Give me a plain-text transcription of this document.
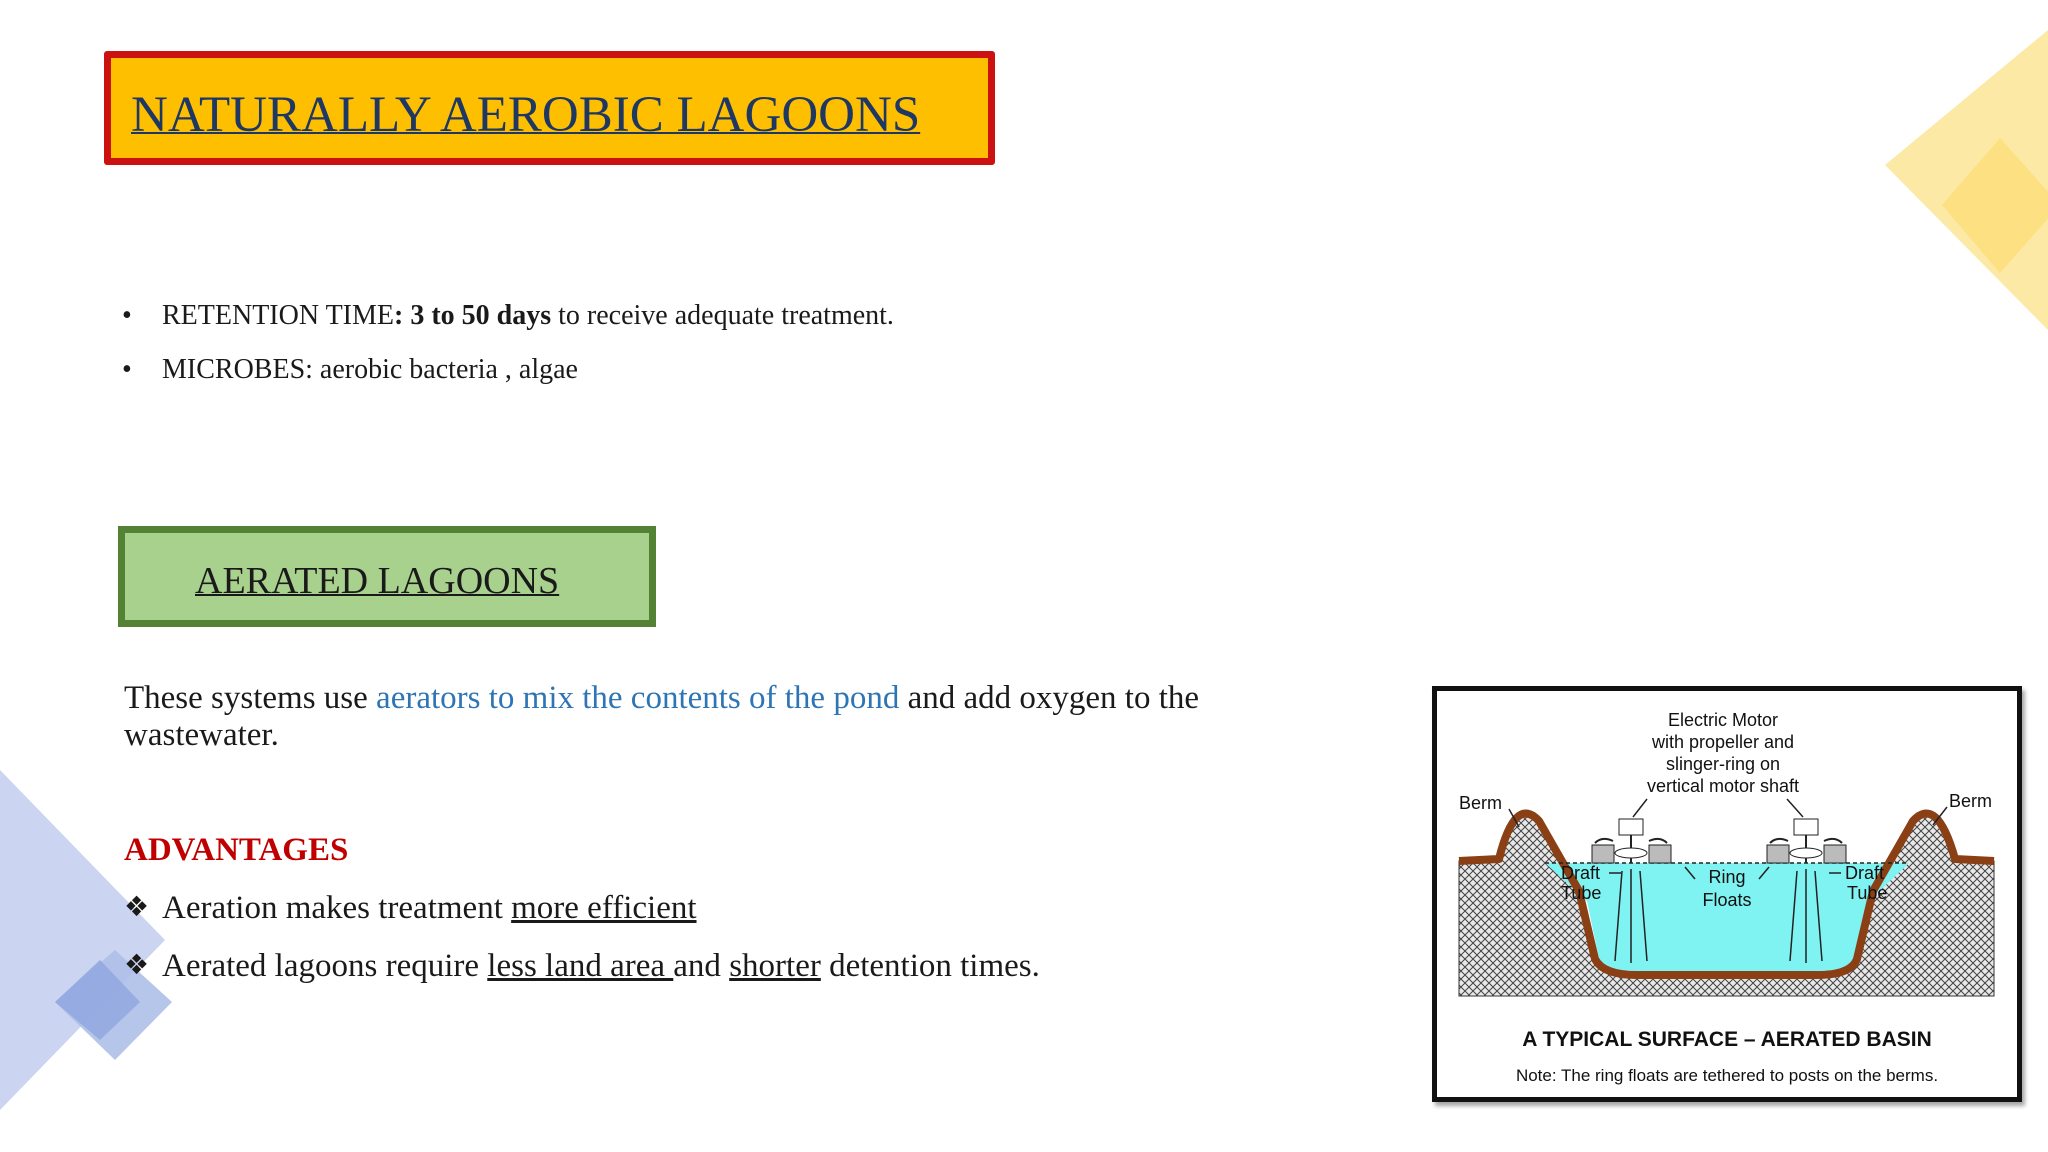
NATURALLY AEROBIC LAGOONS
• RETENTION TIME: 3 to 50 days to receive adequate treatment.
• MICROBES: aerobic bacteria , algae
AERATED LAGOONS
These systems use aerators to mix the contents of the pond and add oxygen to the wastewater.
ADVANTAGES
❖ Aeration makes treatment more efficient
❖ Aerated lagoons require less land area and shorter detention times.
Electric Motor
with propeller and
slinger-ring on
vertical motor shaft
Berm	Berm
Draft
Tube
Draft
Tube
Ring
Floats
A TYPICAL SURFACE – AERATED BASIN
Note: The ring floats are tethered to posts on the berms.
